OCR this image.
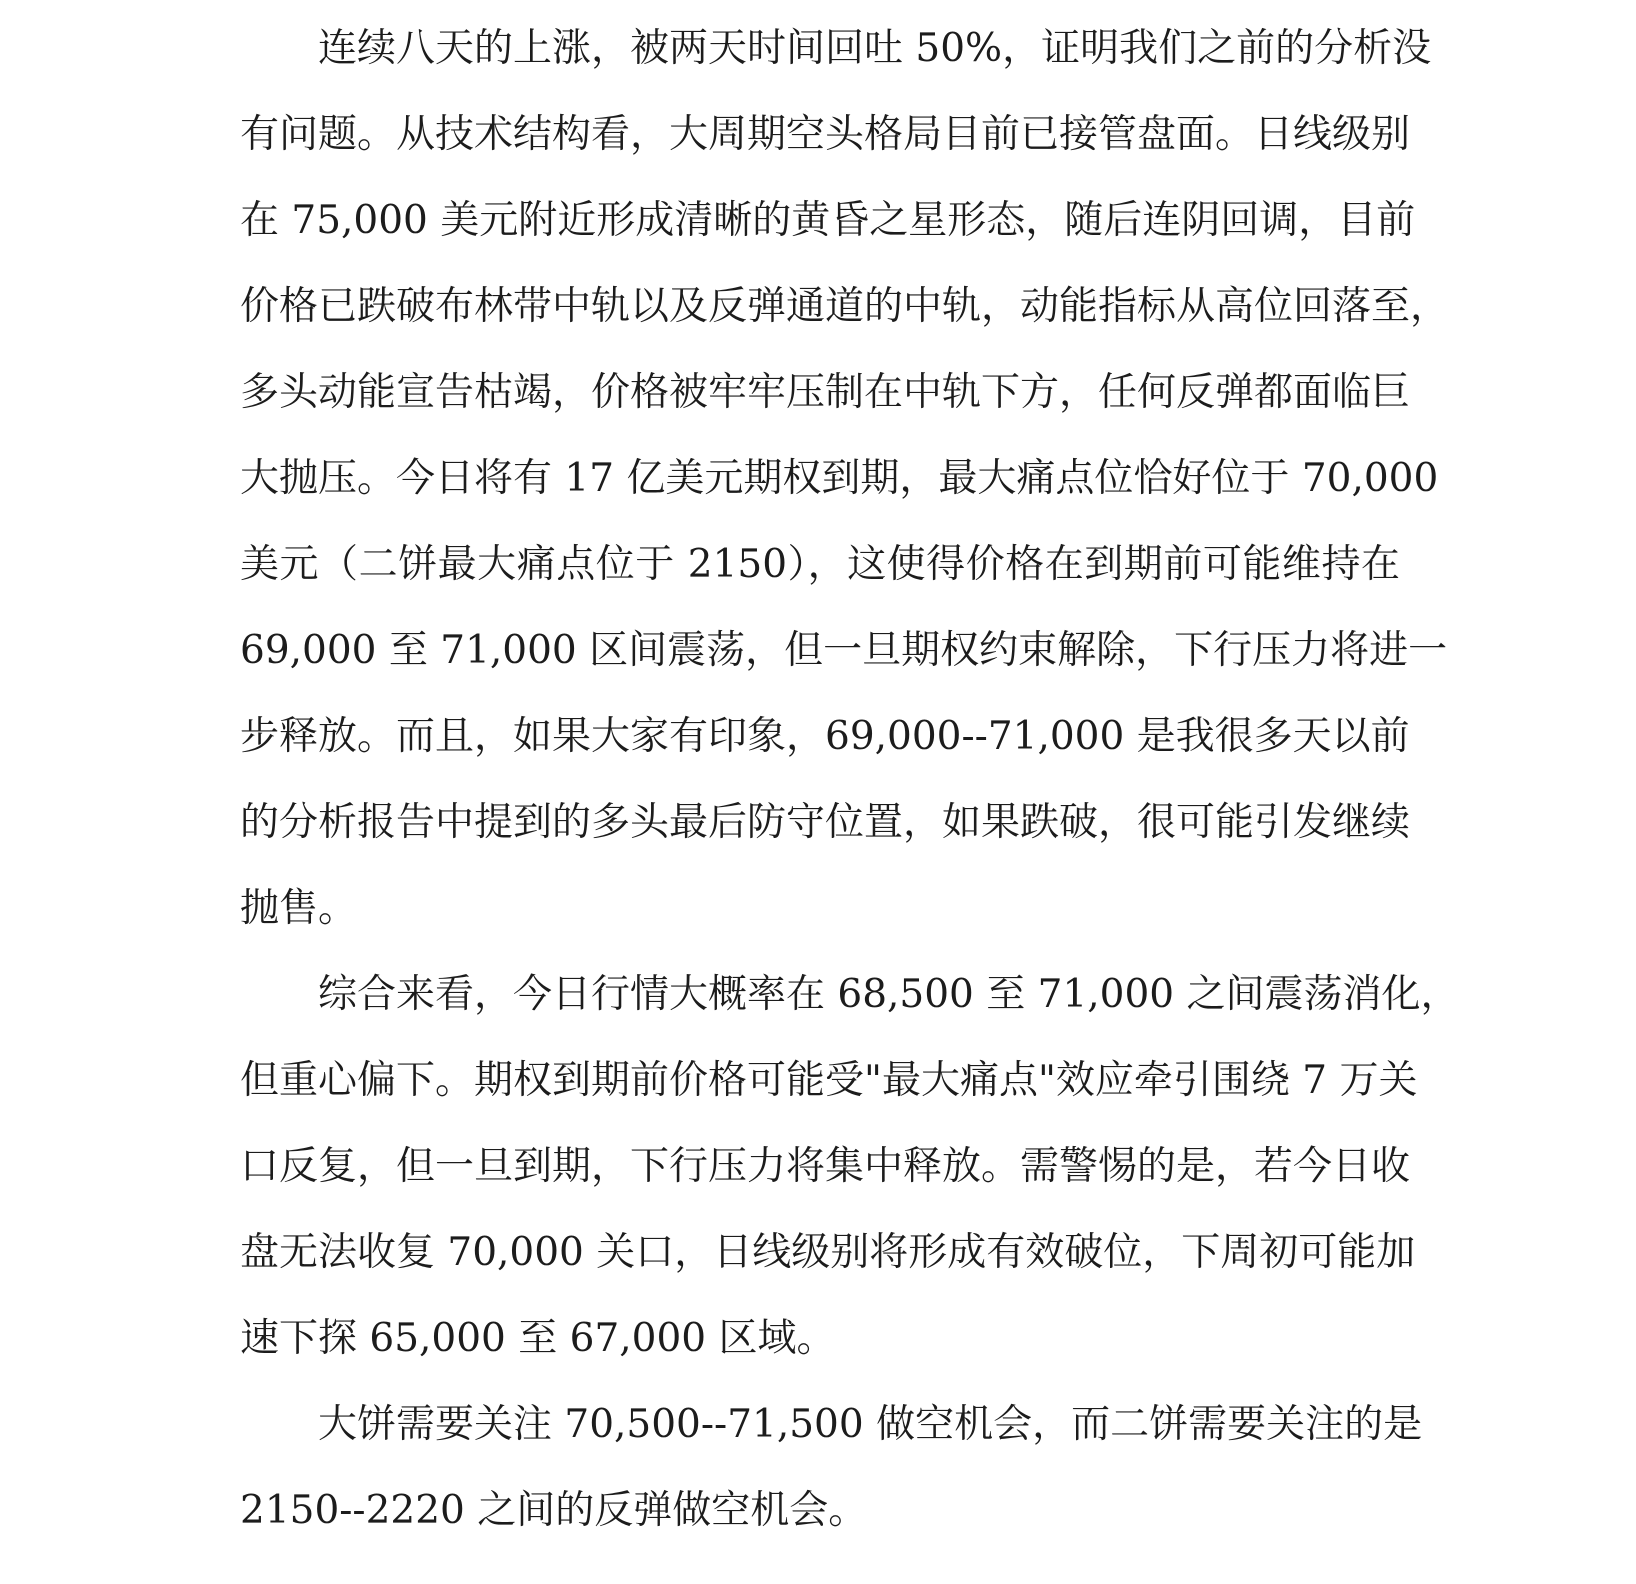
连续八天的上涨，被两天时间回吐 50%，证明我们之前的分析没
有问题。从技术结构看，大周期空头格局目前已接管盘面。日线级别
在 75,000 美元附近形成清晰的黄昏之星形态，随后连阴回调，目前
价格已跌破布林带中轨以及反弹通道的中轨，动能指标从高位回落至，
多头动能宣告枯竭，价格被牢牢压制在中轨下方，任何反弹都面临巨
大抛压。今日将有 17 亿美元期权到期，最大痛点位恰好位于 70,000
美元（二饼最大痛点位于 2150），这使得价格在到期前可能维持在
69,000 至 71,000 区间震荡，但一旦期权约束解除，下行压力将进一
步释放。而且，如果大家有印象，69,000--71,000 是我很多天以前
的分析报告中提到的多头最后防守位置，如果跌破，很可能引发继续
抛售。
综合来看，今日行情大概率在 68,500 至 71,000 之间震荡消化，
但重心偏下。期权到期前价格可能受"最大痛点"效应牵引围绕 7 万关
口反复，但一旦到期，下行压力将集中释放。需警惕的是，若今日收
盘无法收复 70,000 关口，日线级别将形成有效破位，下周初可能加
速下探 65,000 至 67,000 区域。
大饼需要关注 70,500--71,500 做空机会，而二饼需要关注的是
2150--2220 之间的反弹做空机会。
